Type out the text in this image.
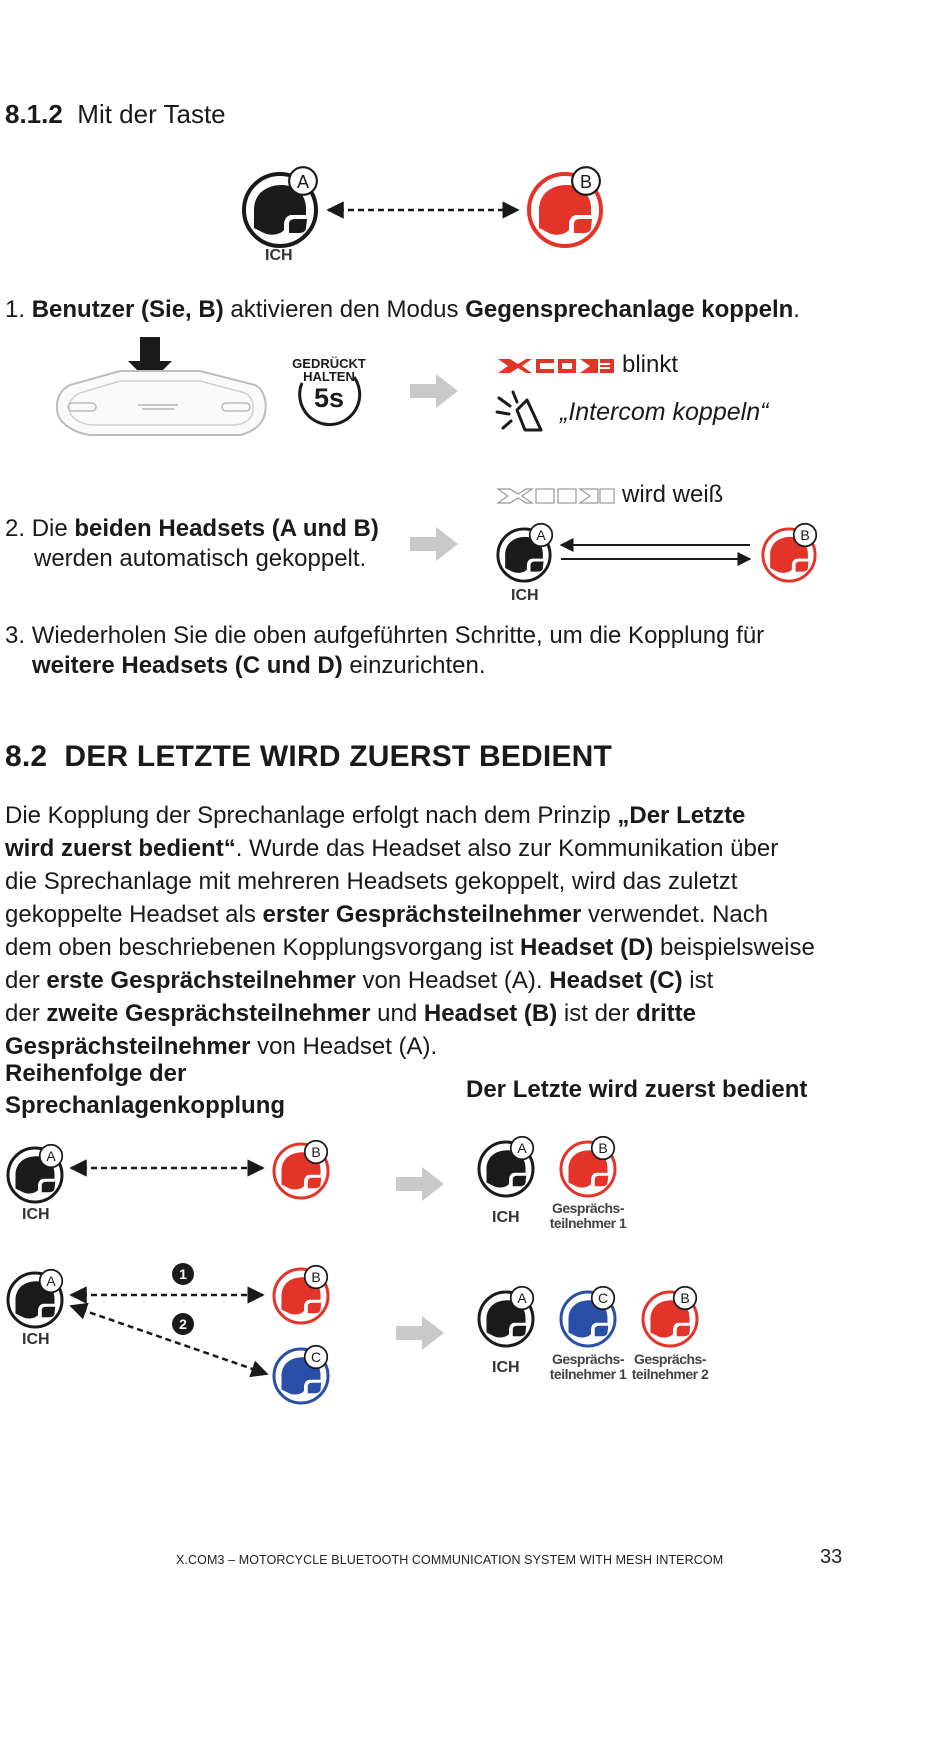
8.1.2 Mit der Taste
A	B
ICH
1. Benutzer (Sie, B) aktivieren den Modus Gegensprechanlage koppeln.
GEDRÜCKT
HALTEN
5s
blinkt
„Intercom koppeln“
wird weiß
2. Die beiden Headsets (A und B)
werden automatisch gekoppelt.
A	B
ICH
3. Wiederholen Sie die oben aufgeführten Schritte, um die Kopplung für
weitere Headsets (C und D) einzurichten.
8.2 DER LETZTE WIRD ZUERST BEDIENT
Die Kopplung der Sprechanlage erfolgt nach dem Prinzip „Der Letzte
wird zuerst bedient“. Wurde das Headset also zur Kommunikation über
die Sprechanlage mit mehreren Headsets gekoppelt, wird das zuletzt
gekoppelte Headset als erster Gesprächsteilnehmer verwendet. Nach
dem oben beschriebenen Kopplungsvorgang ist Headset (D) beispielsweise
der erste Gesprächsteilnehmer von Headset (A). Headset (C) ist
der zweite Gesprächsteilnehmer und Headset (B) ist der dritte
Gesprächsteilnehmer von Headset (A).
Reihenfolge der
Sprechanlagenkopplung
Der Letzte wird zuerst bedient
A	B
ICH
A	1
2
B
C
ICH
A	B
ICH
Gesprächs-
teilnehmer 1
A	C	B
ICH	Gesprächs-
teilnehmer 1
Gesprächs-
teilnehmer 2
X.COM3 – MOTORCYCLE BLUETOOTH COMMUNICATION SYSTEM WITH MESH INTERCOM	33
